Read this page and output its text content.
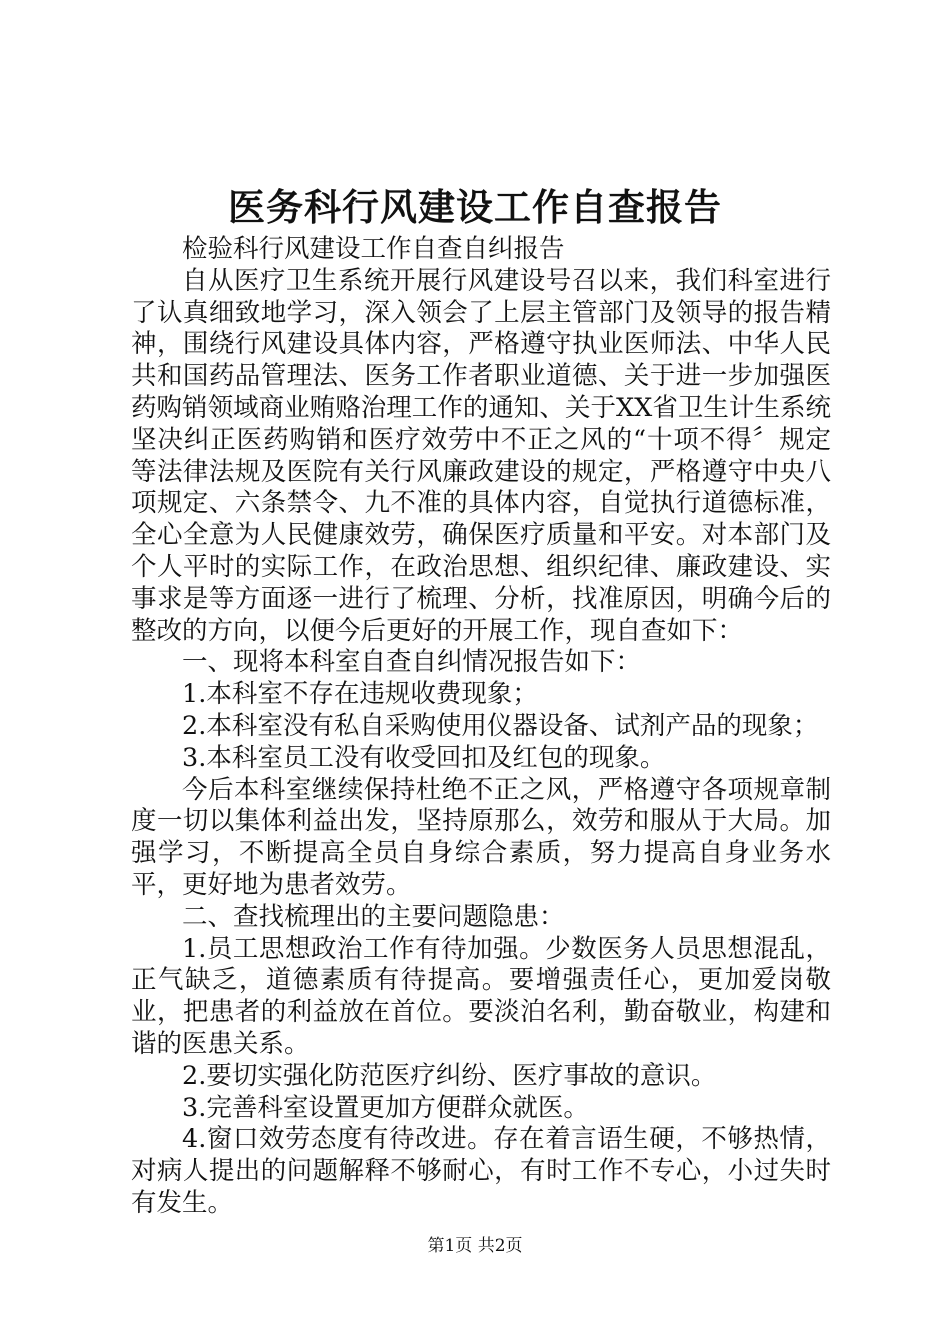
医务科行风建设工作自查报告

检验科行风建设工作自查自纠报告

自从医疗卫生系统开展行风建设号召以来，我们科室进行了认真细致地学习，深入领会了上层主管部门及领导的报告精神，围绕行风建设具体内容，严格遵守执业医师法、中华人民共和国药品管理法、医务工作者职业道德、关于进一步加强医药购销领域商业贿赂治理工作的通知、关于XX省卫生计生系统坚决纠正医药购销和医疗效劳中不正之风的“十项不得〞规定等法律法规及医院有关行风廉政建设的规定，严格遵守中央八项规定、六条禁令、九不准的具体内容，自觉执行道德标准，全心全意为人民健康效劳，确保医疗质量和平安。对本部门及个人平时的实际工作，在政治思想、组织纪律、廉政建设、实事求是等方面逐一进行了梳理、分析，找准原因，明确今后的整改的方向，以便今后更好的开展工作，现自查如下：

一、现将本科室自查自纠情况报告如下：

1.本科室不存在违规收费现象；

2.本科室没有私自采购使用仪器设备、试剂产品的现象；

3.本科室员工没有收受回扣及红包的现象。

今后本科室继续保持杜绝不正之风，严格遵守各项规章制度一切以集体利益出发，坚持原那么，效劳和服从于大局。加强学习，不断提高全员自身综合素质，努力提高自身业务水平，更好地为患者效劳。

二、查找梳理出的主要问题隐患：

1.员工思想政治工作有待加强。少数医务人员思想混乱，正气缺乏，道德素质有待提高。要增强责任心，更加爱岗敬业，把患者的利益放在首位。要淡泊名利，勤奋敬业，构建和谐的医患关系。

2.要切实强化防范医疗纠纷、医疗事故的意识。

3.完善科室设置更加方便群众就医。

4.窗口效劳态度有待改进。存在着言语生硬，不够热情，对病人提出的问题解释不够耐心，有时工作不专心，小过失时有发生。

第1页 共2页
